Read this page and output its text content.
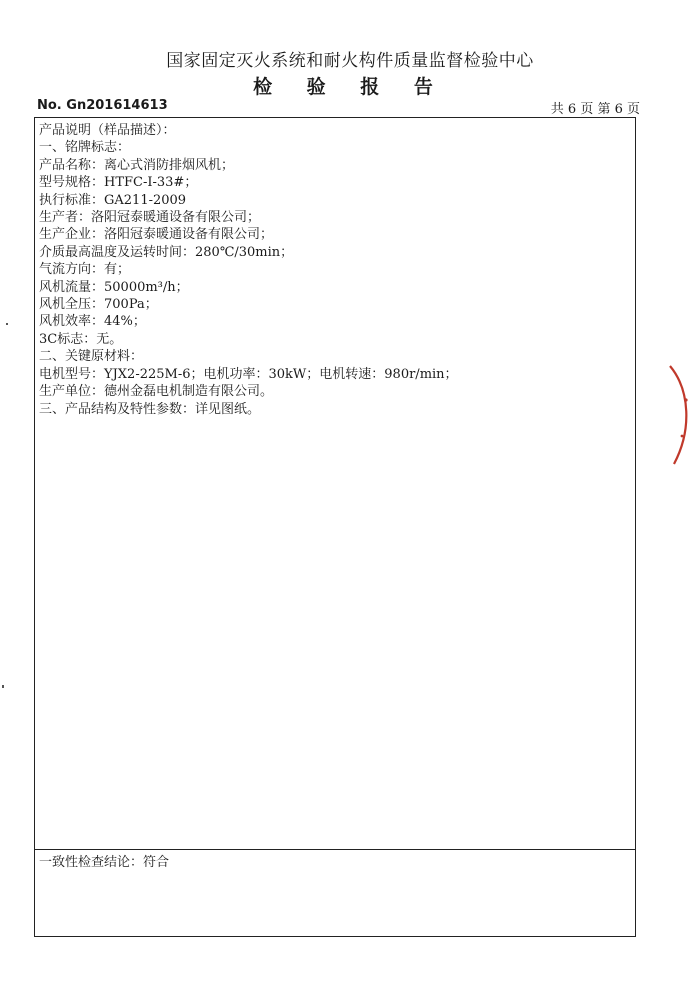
国家固定灭火系统和耐火构件质量监督检验中心
检 验 报 告
No. Gn201614613	共 6 页 第 6 页
产品说明（样品描述）：
一、铭牌标志：
产品名称：离心式消防排烟风机；
型号规格：HTFC-I-33#；
执行标准：GA211-2009
生产者：洛阳冠泰暖通设备有限公司；
生产企业：洛阳冠泰暖通设备有限公司；
介质最高温度及运转时间：280℃/30min；
气流方向：有；
风机流量：50000m³/h；
风机全压：700Pa；
风机效率：44%；
3C标志：无。
二、关键原材料：
电机型号：YJX2-225M-6；电机功率：30kW；电机转速：980r/min；
生产单位：德州金磊电机制造有限公司。
三、产品结构及特性参数：详见图纸。
一致性检查结论：符合
